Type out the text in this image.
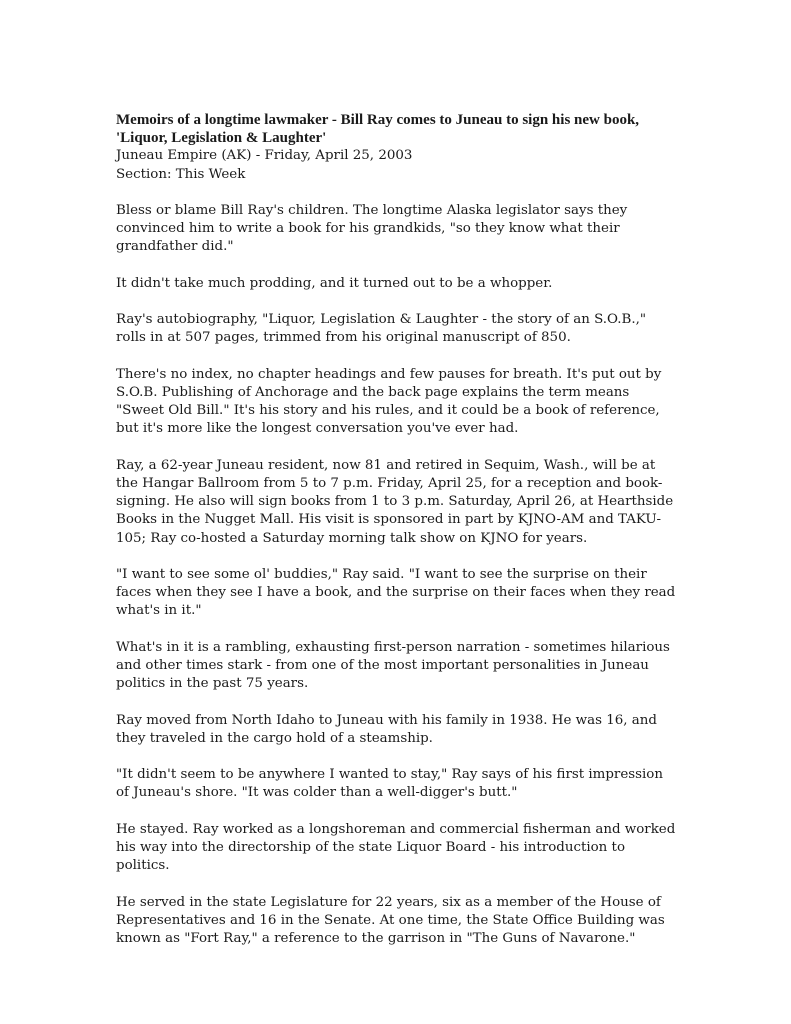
Memoirs of a longtime lawmaker - Bill Ray comes to Juneau to sign his new book, 'Liquor, Legislation & Laughter'

Juneau Empire (AK) - Friday, April 25, 2003

Section: This Week

Bless or blame Bill Ray's children. The longtime Alaska legislator says they convinced him to write a book for his grandkids, "so they know what their grandfather did."

It didn't take much prodding, and it turned out to be a whopper.

Ray's autobiography, "Liquor, Legislation & Laughter - the story of an S.O.B.," rolls in at 507 pages, trimmed from his original manuscript of 850.

There's no index, no chapter headings and few pauses for breath. It's put out by S.O.B. Publishing of Anchorage and the back page explains the term means "Sweet Old Bill." It's his story and his rules, and it could be a book of reference, but it's more like the longest conversation you've ever had.

Ray, a 62-year Juneau resident, now 81 and retired in Sequim, Wash., will be at the Hangar Ballroom from 5 to 7 p.m. Friday, April 25, for a reception and book-signing. He also will sign books from 1 to 3 p.m. Saturday, April 26, at Hearthside Books in the Nugget Mall. His visit is sponsored in part by KJNO-AM and TAKU-105; Ray co-hosted a Saturday morning talk show on KJNO for years.

"I want to see some ol' buddies," Ray said. "I want to see the surprise on their faces when they see I have a book, and the surprise on their faces when they read what's in it."

What's in it is a rambling, exhausting first-person narration - sometimes hilarious and other times stark - from one of the most important personalities in Juneau politics in the past 75 years.

Ray moved from North Idaho to Juneau with his family in 1938. He was 16, and they traveled in the cargo hold of a steamship.

"It didn't seem to be anywhere I wanted to stay," Ray says of his first impression of Juneau's shore. "It was colder than a well-digger's butt."

He stayed. Ray worked as a longshoreman and commercial fisherman and worked his way into the directorship of the state Liquor Board - his introduction to politics.

He served in the state Legislature for 22 years, six as a member of the House of Representatives and 16 in the Senate. At one time, the State Office Building was known as "Fort Ray," a reference to the garrison in "The Guns of Navarone."
